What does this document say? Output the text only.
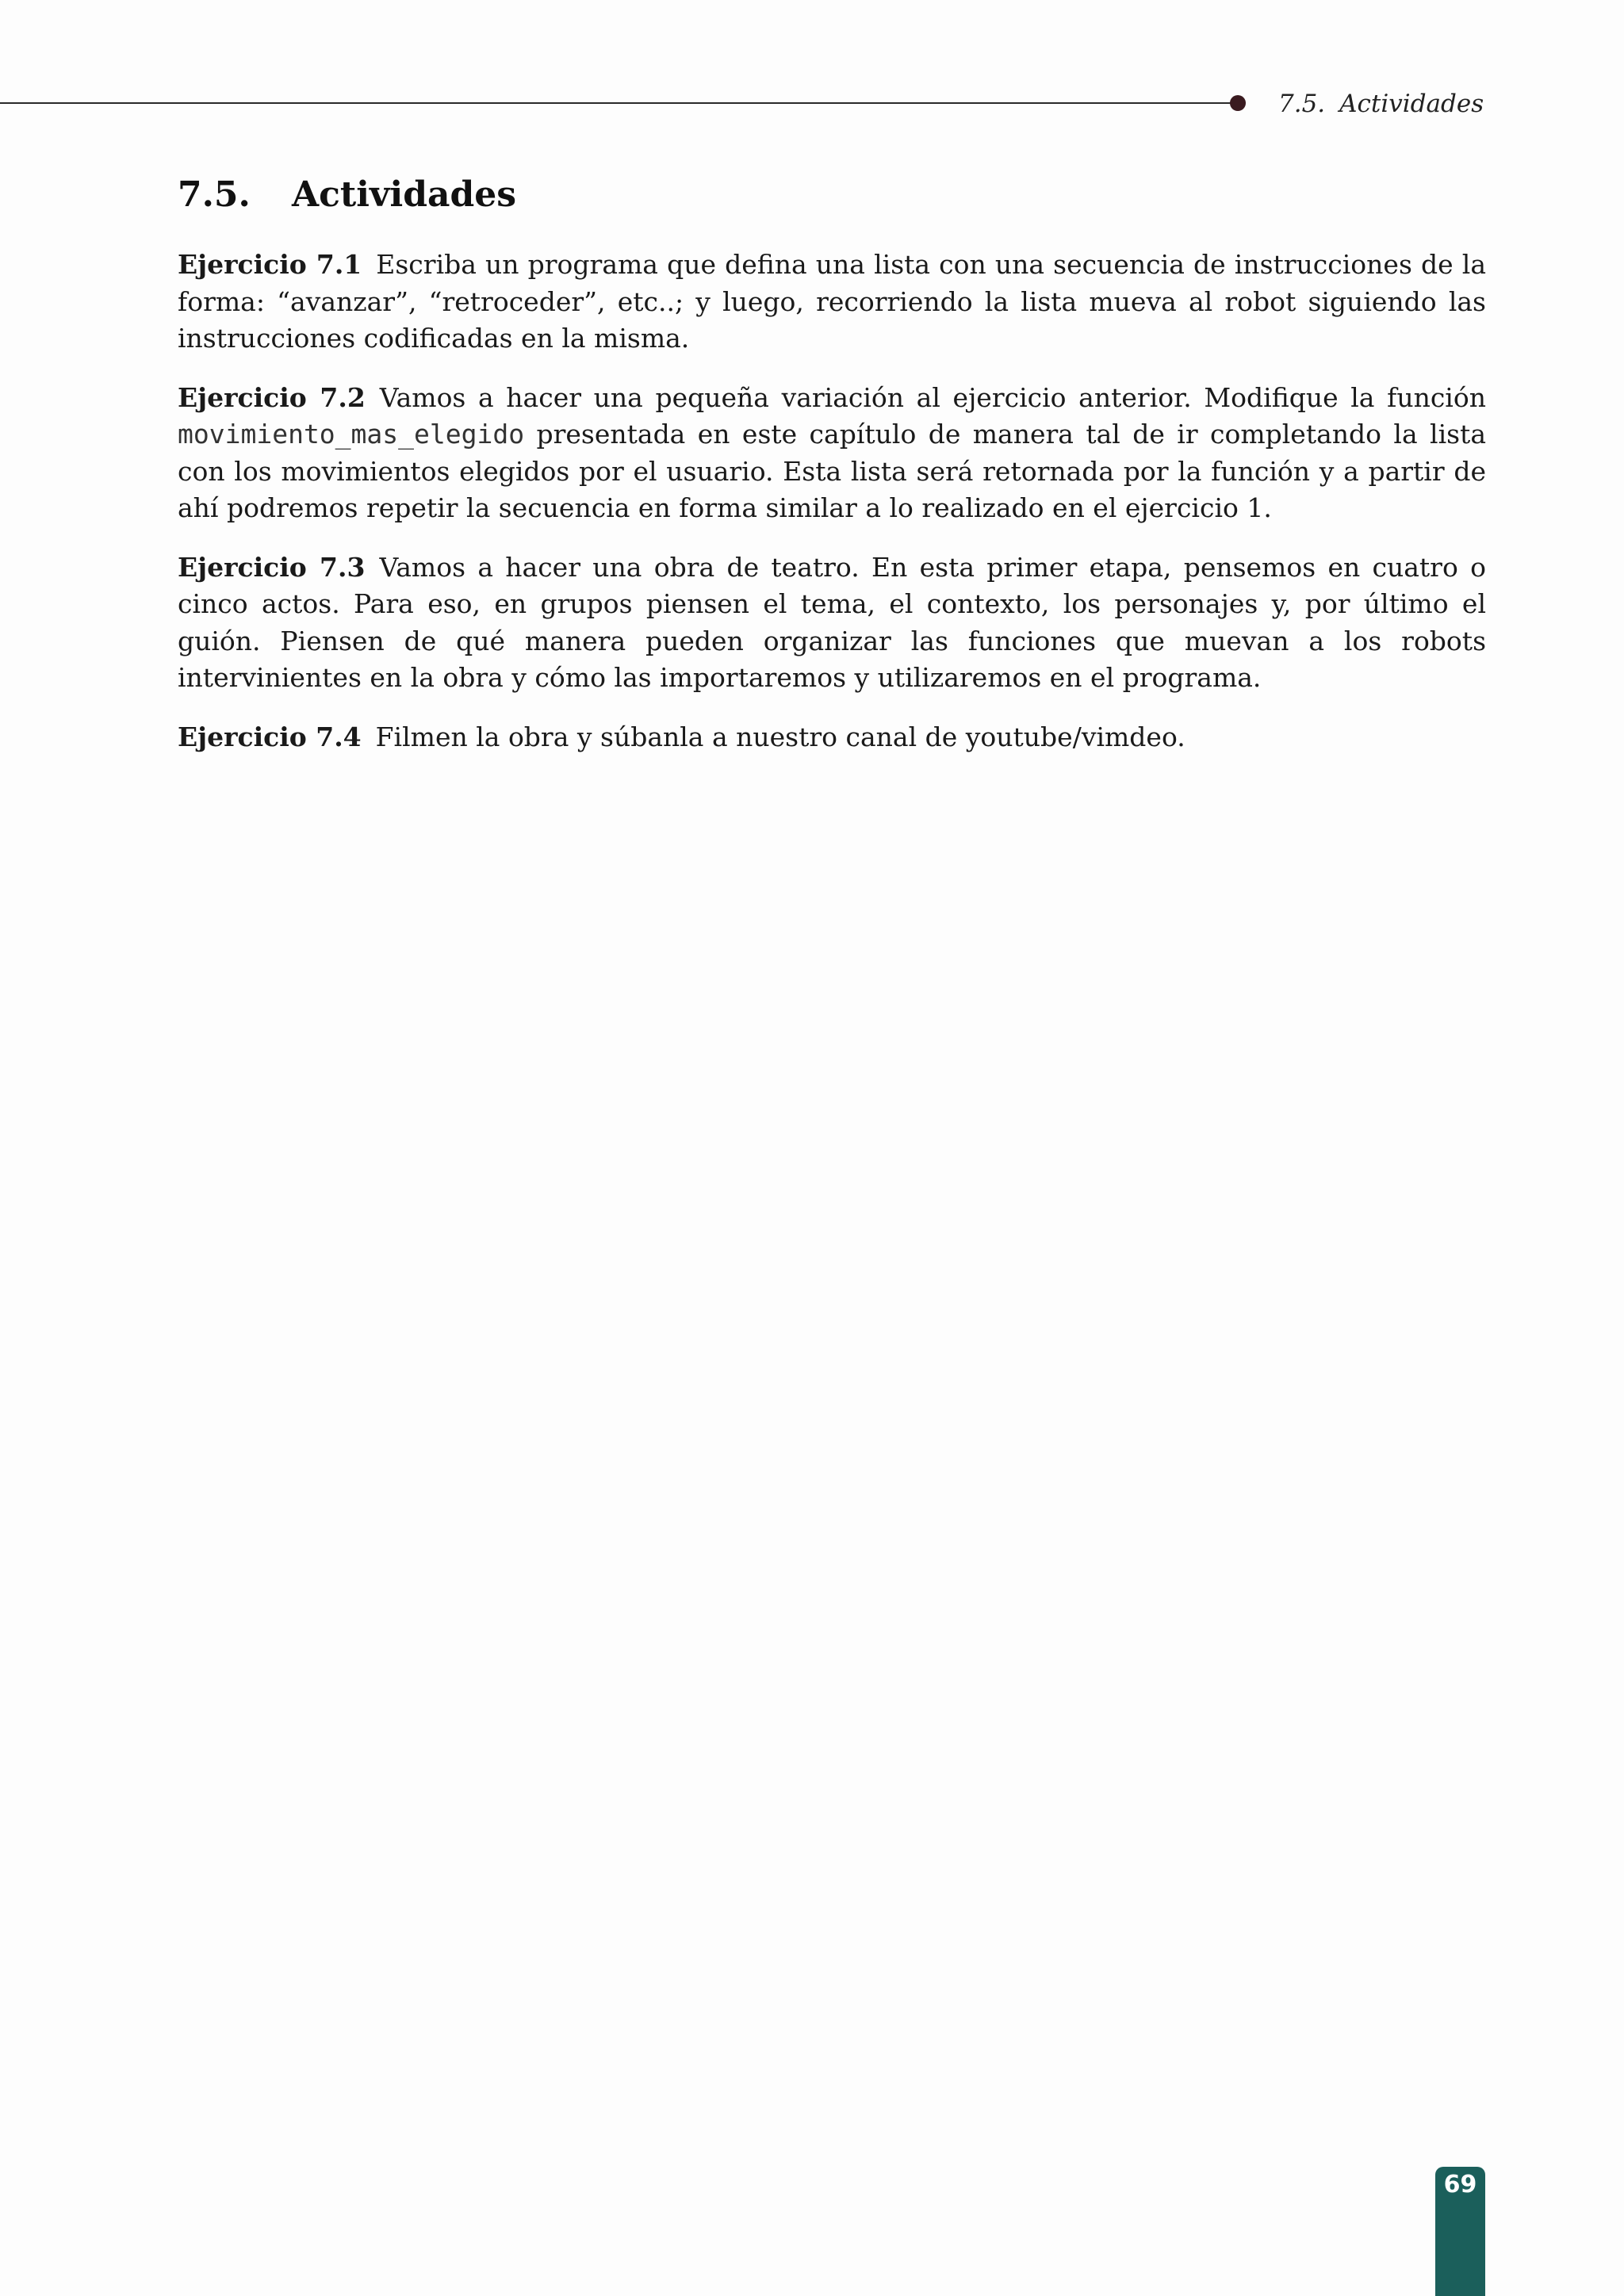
7.5. Actividades
7.5. Actividades

Ejercicio 7.1 Escriba un programa que defina una lista con una secuencia de instrucciones de la forma: “avanzar”, “retroceder”, etc..; y luego, recorriendo la lista mueva al robot siguiendo las instrucciones codificadas en la misma.

Ejercicio 7.2 Vamos a hacer una pequeña variación al ejercicio anterior. Modifique la función movimiento_mas_elegido presentada en este capítulo de manera tal de ir completando la lista con los movimientos elegidos por el usuario. Esta lista será retornada por la función y a partir de ahí podremos repetir la secuencia en forma similar a lo realizado en el ejercicio 1.

Ejercicio 7.3 Vamos a hacer una obra de teatro. En esta primer etapa, pensemos en cuatro o cinco actos. Para eso, en grupos piensen el tema, el contexto, los personajes y, por último el guión. Piensen de qué manera pueden organizar las funciones que muevan a los robots intervinientes en la obra y cómo las importaremos y utilizaremos en el programa.

Ejercicio 7.4 Filmen la obra y súbanla a nuestro canal de youtube/vimdeo.

69
